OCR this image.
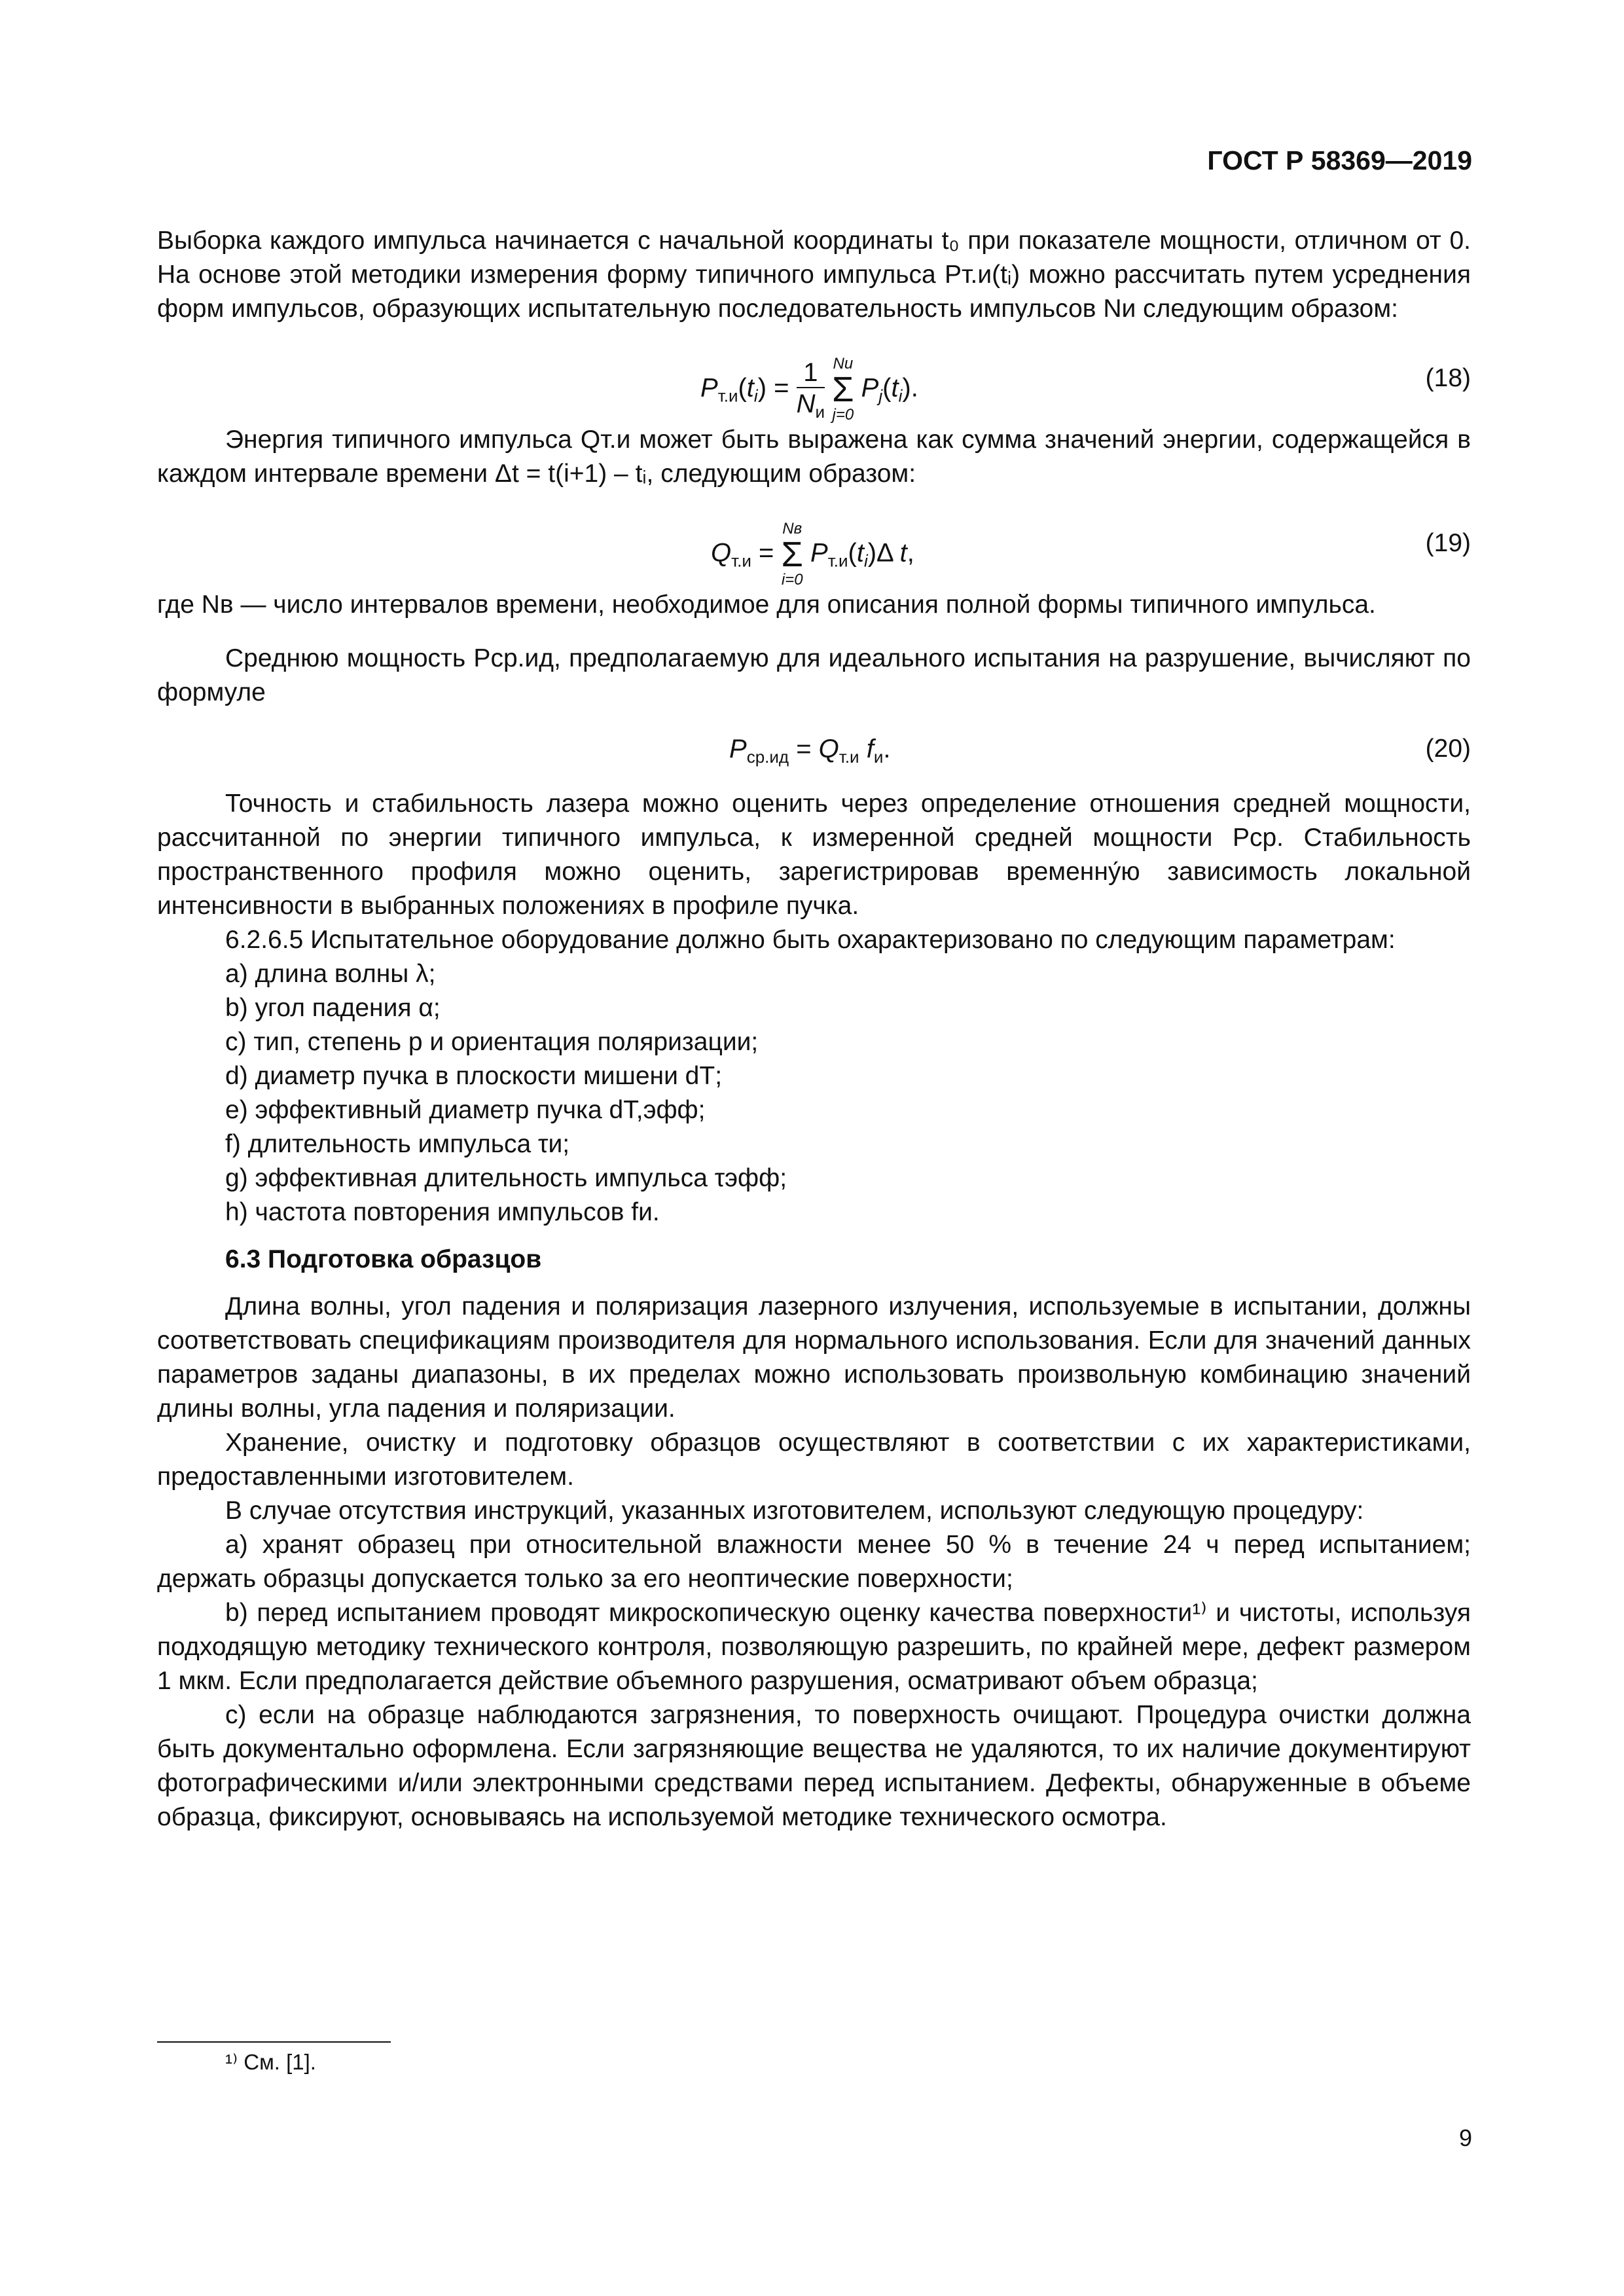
ГОСТ Р 58369—2019

Выборка каждого импульса начинается с начальной координаты t₀ при показателе мощности, отличном от 0. На основе этой методики измерения форму типичного импульса Pт.и(tᵢ) можно рассчитать путем усреднения форм импульсов, образующих испытательную последовательность импульсов Nи следующим образом:

$P_{т.и}(t_i) = \frac{1}{N_и}$
Nи
Σ
j=0
$P_j(t_i)$.	(18)

Энергия типичного импульса Qт.и может быть выражена как сумма значений энергии, содержащейся в каждом интервале времени Δt = t(i+1) – tᵢ, следующим образом:

$Q_{т.и}$ =
Nв
Σ
i=0
$P_{т.и}(t_i)\Delta$ t,	(19)

где Nв — число интервалов времени, необходимое для описания полной формы типичного импульса.

Среднюю мощность Pср.ид, предполагаемую для идеального испытания на разрушение, вычисляют по формуле

$P_{ср.ид} = Q_{т.и}$ $f_и$.	(20)

Точность и стабильность лазера можно оценить через определение отношения средней мощности, рассчитанной по энергии типичного импульса, к измеренной средней мощности Pср. Стабильность пространственного профиля можно оценить, зарегистрировав временну́ю зависимость локальной интенсивности в выбранных положениях в профиле пучка.

6.2.6.5 Испытательное оборудование должно быть охарактеризовано по следующим параметрам:

a) длина волны λ;

b) угол падения α;

c) тип, степень p и ориентация поляризации;

d) диаметр пучка в плоскости мишени dТ;

e) эффективный диаметр пучка dТ,эфф;

f) длительность импульса τи;

g) эффективная длительность импульса τэфф;

h) частота повторения импульсов fи.

6.3 Подготовка образцов

Длина волны, угол падения и поляризация лазерного излучения, используемые в испытании, должны соответствовать спецификациям производителя для нормального использования. Если для значений данных параметров заданы диапазоны, в их пределах можно использовать произвольную комбинацию значений длины волны, угла падения и поляризации.

Хранение, очистку и подготовку образцов осуществляют в соответствии с их характеристиками, предоставленными изготовителем.

В случае отсутствия инструкций, указанных изготовителем, используют следующую процедуру:

a) хранят образец при относительной влажности менее 50 % в течение 24 ч перед испытанием; держать образцы допускается только за его неоптические поверхности;

b) перед испытанием проводят микроскопическую оценку качества поверхности¹⁾ и чистоты, используя подходящую методику технического контроля, позволяющую разрешить, по крайней мере, дефект размером 1 мкм. Если предполагается действие объемного разрушения, осматривают объем образца;

c) если на образце наблюдаются загрязнения, то поверхность очищают. Процедура очистки должна быть документально оформлена. Если загрязняющие вещества не удаляются, то их наличие документируют фотографическими и/или электронными средствами перед испытанием. Дефекты, обнаруженные в объеме образца, фиксируют, основываясь на используемой методике технического осмотра.

¹⁾ См. [1].
9
